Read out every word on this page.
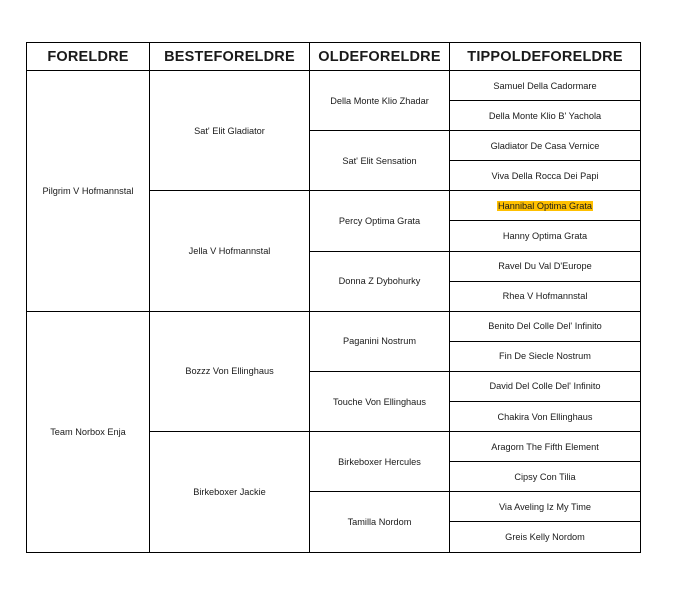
FORELDRE	BESTEFORELDRE	OLDEFORELDRE	TIPPOLDEFORELDRE
Pilgrim V Hofmannstal	Sat' Elit Gladiator	Della Monte Klio Zhadar	Samuel Della Cadormare
			Della Monte Klio B' Yachola
		Sat' Elit Sensation	Gladiator De Casa Vernice
			Viva Della Rocca Dei Papi
	Jella V Hofmannstal	Percy Optima Grata	Hannibal Optima Grata
			Hanny Optima Grata
		Donna Z Dybohurky	Ravel Du Val D'Europe
			Rhea V Hofmannstal
Team Norbox Enja	Bozzz Von Ellinghaus	Paganini Nostrum	Benito Del Colle Del' Infinito
			Fin De Siecle Nostrum
		Touche Von Ellinghaus	David Del Colle Del' Infinito
			Chakira Von Ellinghaus
	Birkeboxer Jackie	Birkeboxer Hercules	Aragorn The Fifth Element
			Cipsy Con Tilia
		Tamilla Nordom	Via Aveling Iz My Time
			Greis Kelly Nordom
